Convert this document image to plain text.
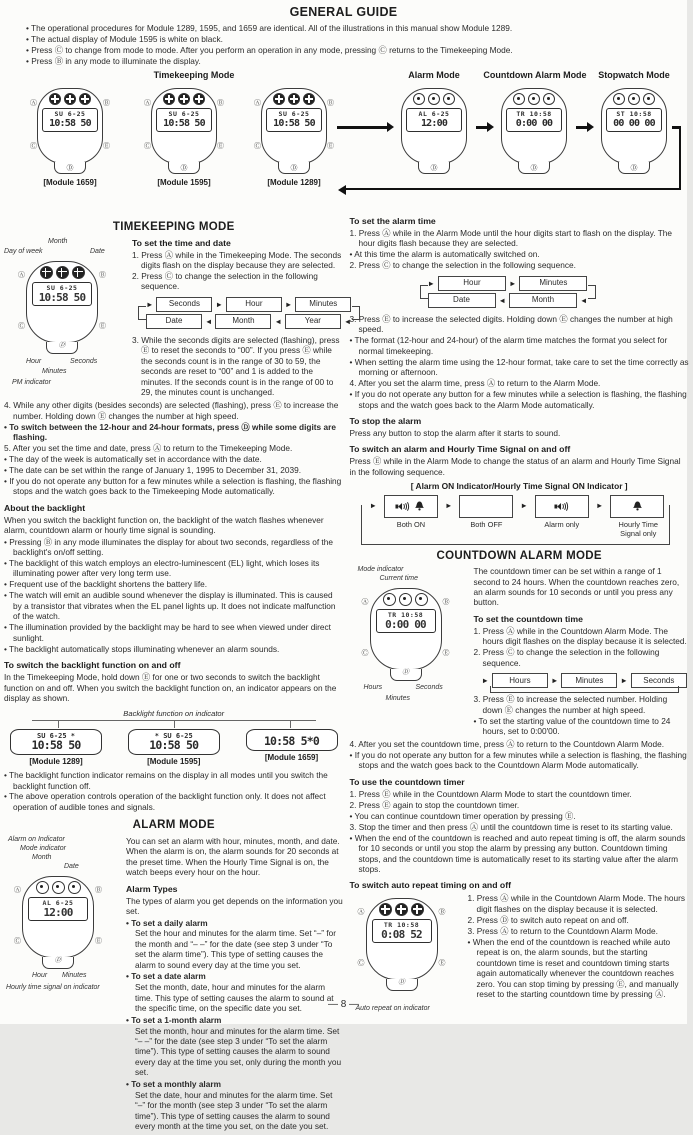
GENERAL GUIDE
• The operational procedures for Module 1289, 1595, and 1659 are identical. All of the illustrations in this manual show Module 1289.
• The actual display of Module 1595 is white on black.
• Press Ⓒ to change from mode to mode. After you perform an operation in any mode, pressing Ⓒ returns to the Timekeeping Mode.
• Press Ⓑ in any mode to illuminate the display.
Timekeeping Mode	Alarm Mode	Countdown Alarm Mode	Stopwatch Mode
SU 6-25
10:58 50
Ⓐ	Ⓑ
Ⓒ	Ⓔ
Ⓓ
SU 6-25
10:58 50
Ⓐ	Ⓑ
Ⓒ	Ⓔ
Ⓓ
SU 6-25
10:58 50
Ⓐ	Ⓑ
Ⓒ	Ⓔ
Ⓓ
AL 6-25
12:00
Ⓓ
TR 10:58
0:00 00
Ⓓ
ST 10:58
00 00 00
Ⓓ
[Module 1659]	[Module 1595]	[Module 1289]
TIMEKEEPING MODE
Month
Day of week	Date
SU 6-25
10:58 50
Ⓐ	Ⓑ
Ⓒ	Ⓔ
Ⓓ
Hour	Seconds
Minutes
PM indicator
To set the time and date
1. Press Ⓐ while in the Timekeeping Mode. The seconds digits flash on the display because they are selected.
2. Press Ⓒ to change the selection in the following sequence.
►	Seconds	►	Hour	►	Minutes
Date	◄	Month	◄	Year	◄
3. While the seconds digits are selected (flashing), press Ⓔ to reset the seconds to “00”. If you press Ⓔ while the seconds count is in the range of 30 to 59, the seconds are reset to “00” and 1 is added to the minutes. If the seconds count is in the range of 00 to 29, the minutes count is unchanged.
4. While any other digits (besides seconds) are selected (flashing), press Ⓔ to increase the number. Holding down Ⓔ changes the number at high speed.
• To switch between the 12-hour and 24-hour formats, press Ⓓ while some digits are flashing.
5. After you set the time and date, press Ⓐ to return to the Timekeeping Mode.
• The day of the week is automatically set in accordance with the date.
• The date can be set within the range of January 1, 1995 to December 31, 2039.
• If you do not operate any button for a few minutes while a selection is flashing, the flashing stops and the watch goes back to the Timekeeping Mode automatically.
About the backlight
When you switch the backlight function on, the backlight of the watch flashes whenever alarm, countdown alarm or hourly time signal is sounding.
• Pressing Ⓑ in any mode illuminates the display for about two seconds, regardless of the backlight's on/off setting.
• The backlight of this watch employs an electro-luminescent (EL) light, which loses its illuminating power after very long term use.
• Frequent use of the backlight shortens the battery life.
• The watch will emit an audible sound whenever the display is illuminated. This is caused by a transistor that vibrates when the EL panel lights up. It does not indicate malfunction of the watch.
• The illumination provided by the backlight may be hard to see when viewed under direct sunlight.
• The backlight automatically stops illuminating whenever an alarm sounds.
To switch the backlight function on and off
In the Timekeeping Mode, hold down Ⓔ for one or two seconds to switch the backlight function on and off. When you switch the backlight function on, an indicator appears on the display as shown.
Backlight function on indicator
SU 6-25 *
10:58 50
[Module 1289]
* SU 6-25
10:58 50
[Module 1595]
10:58 5*0
[Module 1659]
• The backlight function indicator remains on the display in all modes until you switch the backlight function off.
• The above operation controls operation of the backlight function only. It does not affect operation of audible tones and signals.
ALARM MODE
Alarm on Indicator
Mode indicator
Month
Date
AL 6-25
12:00
Ⓐ	Ⓑ
Ⓒ	Ⓔ
Ⓓ
Hour Minutes
Hourly time signal on indicator
You can set an alarm with hour, minutes, month, and date. When the alarm is on, the alarm sounds for 20 seconds at the preset time. When the Hourly Time Signal is on, the watch beeps every hour on the hour.
Alarm Types
The types of alarm you get depends on the information you set.
• To set a daily alarm
Set the hour and minutes for the alarm time. Set “–” for the month and “– –” for the date (see step 3 under “To set the alarm time”). This type of setting causes the alarm to sound every day at the time you set.
• To set a date alarm
Set the month, date, hour and minutes for the alarm time. This type of setting causes the alarm to sound at the specific time, on the specific date you set.
• To set a 1-month alarm
Set the month, hour and minutes for the alarm time. Set “– –” for the date (see step 3 under “To set the alarm time”). This type of setting causes the alarm to sound every day at the time you set, only during the month you set.
• To set a monthly alarm
Set the date, hour and minutes for the alarm time. Set “–” for the month (see step 3 under “To set the alarm time”). This type of setting causes the alarm to sound every month at the time you set, on the date you set.
To set the alarm time
1. Press Ⓐ while in the Alarm Mode until the hour digits start to flash on the display. The hour digits flash because they are selected.
• At this time the alarm is automatically switched on.
2. Press Ⓒ to change the selection in the following sequence.
►	Hour	►	Minutes
Date	◄	Month	◄
3. Press Ⓔ to increase the selected digits. Holding down Ⓔ changes the number at high speed.
• The format (12-hour and 24-hour) of the alarm time matches the format you select for normal timekeeping.
• When setting the alarm time using the 12-hour format, take care to set the time correctly as morning or afternoon.
4. After you set the alarm time, press Ⓐ to return to the Alarm Mode.
• If you do not operate any button for a few minutes while a selection is flashing, the flashing stops and the watch goes back to the Alarm Mode automatically.
To stop the alarm
Press any button to stop the alarm after it starts to sound.
To switch an alarm and Hourly Time Signal on and off
Press Ⓔ while in the Alarm Mode to change the status of an alarm and Hourly Time Signal in the following sequence.
[ Alarm ON Indicator/Hourly Time Signal ON Indicator ]
►
Both ON
►
Both OFF
►
Alarm only
►
Hourly Time Signal only
COUNTDOWN ALARM MODE
Mode indicator
Current time
TR 10:58
0:00 00
Ⓐ	Ⓑ
Ⓒ	Ⓔ
Ⓓ
Hours	Seconds
Minutes
The countdown timer can be set within a range of 1 second to 24 hours. When the countdown reaches zero, an alarm sounds for 10 seconds or until you press any button.
To set the countdown time
1. Press Ⓐ while in the Countdown Alarm Mode. The hours digit flashes on the display because it is selected.
2. Press Ⓒ to change the selection in the following sequence.
►	Hours	►	Minutes	►	Seconds
3. Press Ⓔ to increase the selected number. Holding down Ⓔ changes the number at high speed.
• To set the starting value of the countdown time to 24 hours, set to 0:00′00.
4. After you set the countdown time, press Ⓐ to return to the Countdown Alarm Mode.
• If you do not operate any button for a few minutes while a selection is flashing, the flashing stops and the watch goes back to the Countdown Alarm Mode automatically.
To use the countdown timer
1. Press Ⓔ while in the Countdown Alarm Mode to start the countdown timer.
2. Press Ⓔ again to stop the countdown timer.
• You can continue countdown timer operation by pressing Ⓔ.
3. Stop the timer and then press Ⓐ until the countdown time is reset to its starting value.
• When the end of the countdown is reached and auto repeat timing is off, the alarm sounds for 10 seconds or until you stop the alarm by pressing any button. Countdown timing stops, and the countdown time is automatically reset to its starting value after the alarm stops.
To switch auto repeat timing on and off
TR 10:58
0:08 52
Ⓐ	Ⓑ
Ⓒ	Ⓔ
Ⓓ
Auto repeat on indicator
1. Press Ⓐ while in the Countdown Alarm Mode. The hours digit flashes on the display because it is selected.
2. Press Ⓓ to switch auto repeat on and off.
3. Press Ⓐ to return to the Countdown Alarm Mode.
• When the end of the countdown is reached while auto repeat is on, the alarm sounds, but the starting countdown time is reset and countdown timing starts again automatically whenever the countdown reaches zero. You can stop timing by pressing Ⓔ, and manually reset to the starting countdown time by pressing Ⓐ.
— 8 —
